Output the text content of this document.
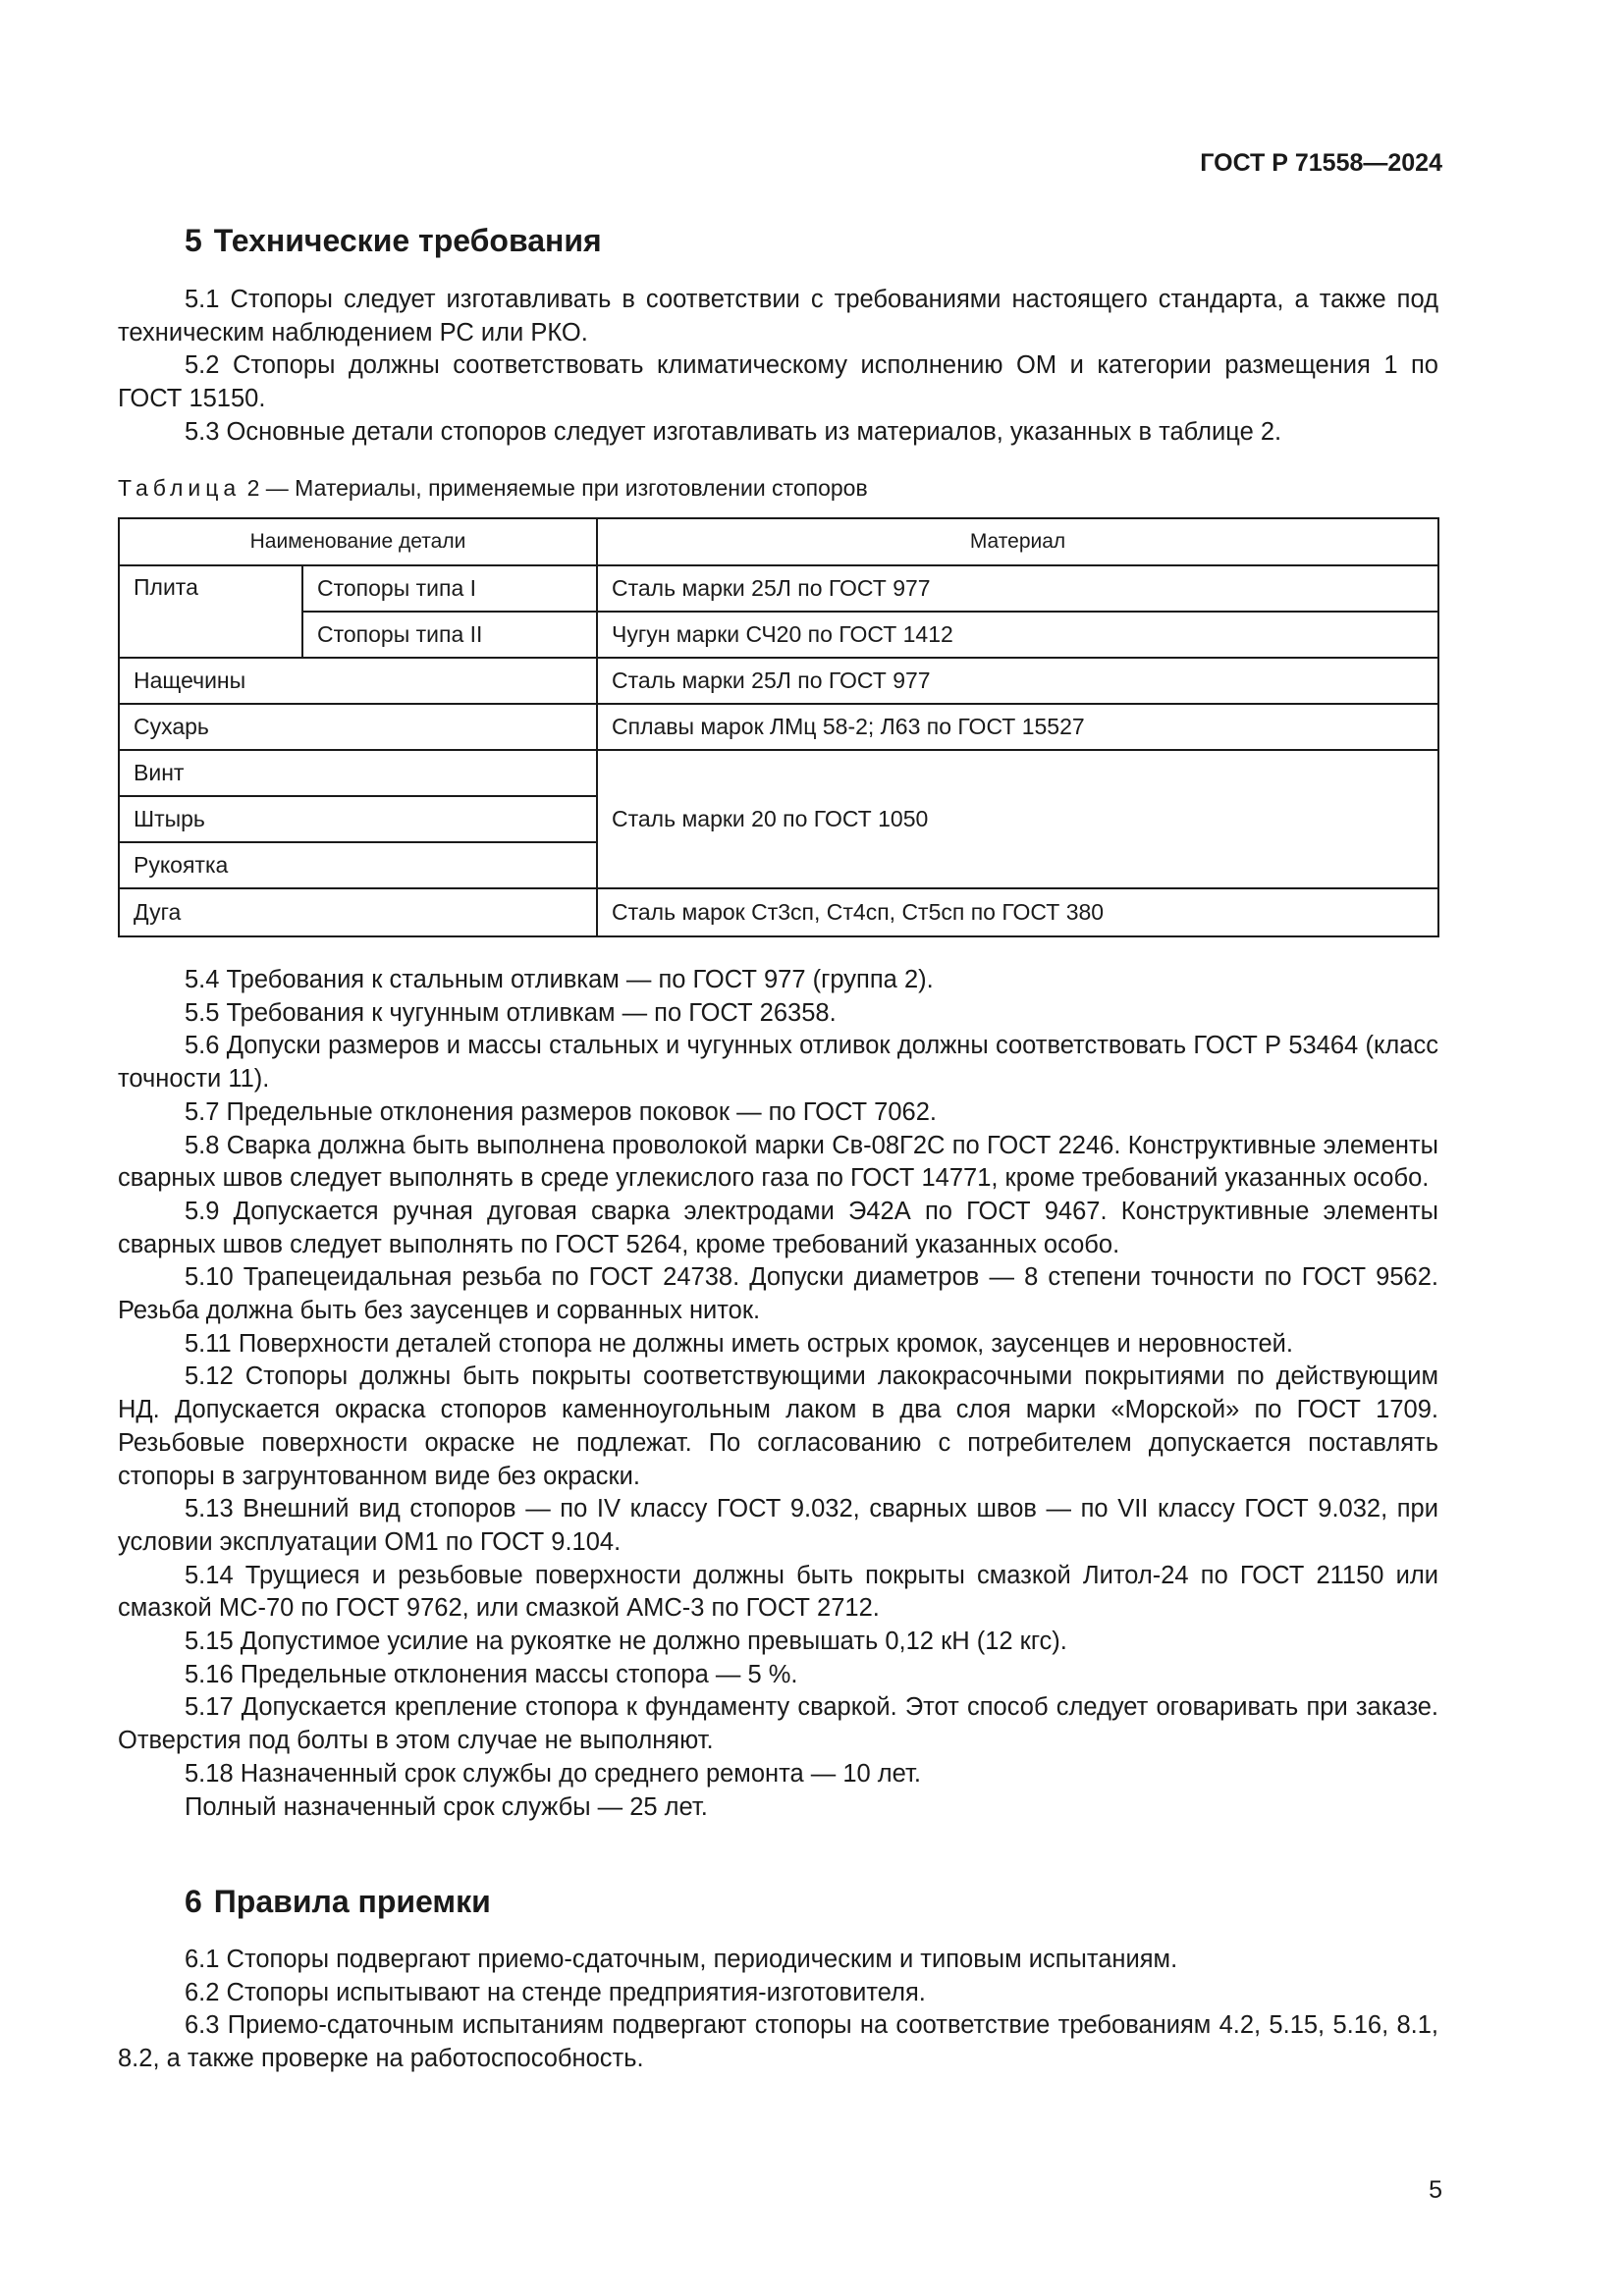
ГОСТ Р 71558—2024
5 Технические требования

5.1 Стопоры следует изготавливать в соответствии с требованиями настоящего стандарта, а также под техническим наблюдением РС или РКО.

5.2 Стопоры должны соответствовать климатическому исполнению ОМ и категории размещения 1 по ГОСТ 15150.

5.3 Основные детали стопоров следует изготавливать из материалов, указанных в таблице 2.

Таблица 2 — Материалы, применяемые при изготовлении стопоров
Наименование детали		Материал
Плита	Стопоры типа I	Сталь марки 25Л по ГОСТ 977
	Стопоры типа II	Чугун марки СЧ20 по ГОСТ 1412
Нащечины		Сталь марки 25Л по ГОСТ 977
Сухарь		Сплавы марок ЛМц 58-2; Л63 по ГОСТ 15527
Винт		Сталь марки 20 по ГОСТ 1050
Штырь		
Рукоятка		
Дуга		Сталь марок Ст3сп, Ст4сп, Ст5сп по ГОСТ 380

5.4 Требования к стальным отливкам — по ГОСТ 977 (группа 2).

5.5 Требования к чугунным отливкам — по ГОСТ 26358.

5.6 Допуски размеров и массы стальных и чугунных отливок должны соответствовать ГОСТ Р 53464 (класс точности 11).

5.7 Предельные отклонения размеров поковок — по ГОСТ 7062.

5.8 Сварка должна быть выполнена проволокой марки Св-08Г2С по ГОСТ 2246. Конструктивные элементы сварных швов следует выполнять в среде углекислого газа по ГОСТ 14771, кроме требований указанных особо.

5.9 Допускается ручная дуговая сварка электродами Э42А по ГОСТ 9467. Конструктивные элементы сварных швов следует выполнять по ГОСТ 5264, кроме требований указанных особо.

5.10 Трапецеидальная резьба по ГОСТ 24738. Допуски диаметров — 8 степени точности по ГОСТ 9562. Резьба должна быть без заусенцев и сорванных ниток.

5.11 Поверхности деталей стопора не должны иметь острых кромок, заусенцев и неровностей.

5.12 Стопоры должны быть покрыты соответствующими лакокрасочными покрытиями по действующим НД. Допускается окраска стопоров каменноугольным лаком в два слоя марки «Морской» по ГОСТ 1709. Резьбовые поверхности окраске не подлежат. По согласованию с потребителем допускается поставлять стопоры в загрунтованном виде без окраски.

5.13 Внешний вид стопоров — по IV классу ГОСТ 9.032, сварных швов — по VII классу ГОСТ 9.032, при условии эксплуатации ОМ1 по ГОСТ 9.104.

5.14 Трущиеся и резьбовые поверхности должны быть покрыты смазкой Литол-24 по ГОСТ 21150 или смазкой МС-70 по ГОСТ 9762, или смазкой АМС-3 по ГОСТ 2712.

5.15 Допустимое усилие на рукоятке не должно превышать 0,12 кН (12 кгс).

5.16 Предельные отклонения массы стопора — 5 %.

5.17 Допускается крепление стопора к фундаменту сваркой. Этот способ следует оговаривать при заказе. Отверстия под болты в этом случае не выполняют.

5.18 Назначенный срок службы до среднего ремонта — 10 лет.

Полный назначенный срок службы — 25 лет.

6 Правила приемки

6.1 Стопоры подвергают приемо-сдаточным, периодическим и типовым испытаниям.

6.2 Стопоры испытывают на стенде предприятия-изготовителя.

6.3 Приемо-сдаточным испытаниям подвергают стопоры на соответствие требованиям 4.2, 5.15, 5.16, 8.1, 8.2, а также проверке на работоспособность.

5
